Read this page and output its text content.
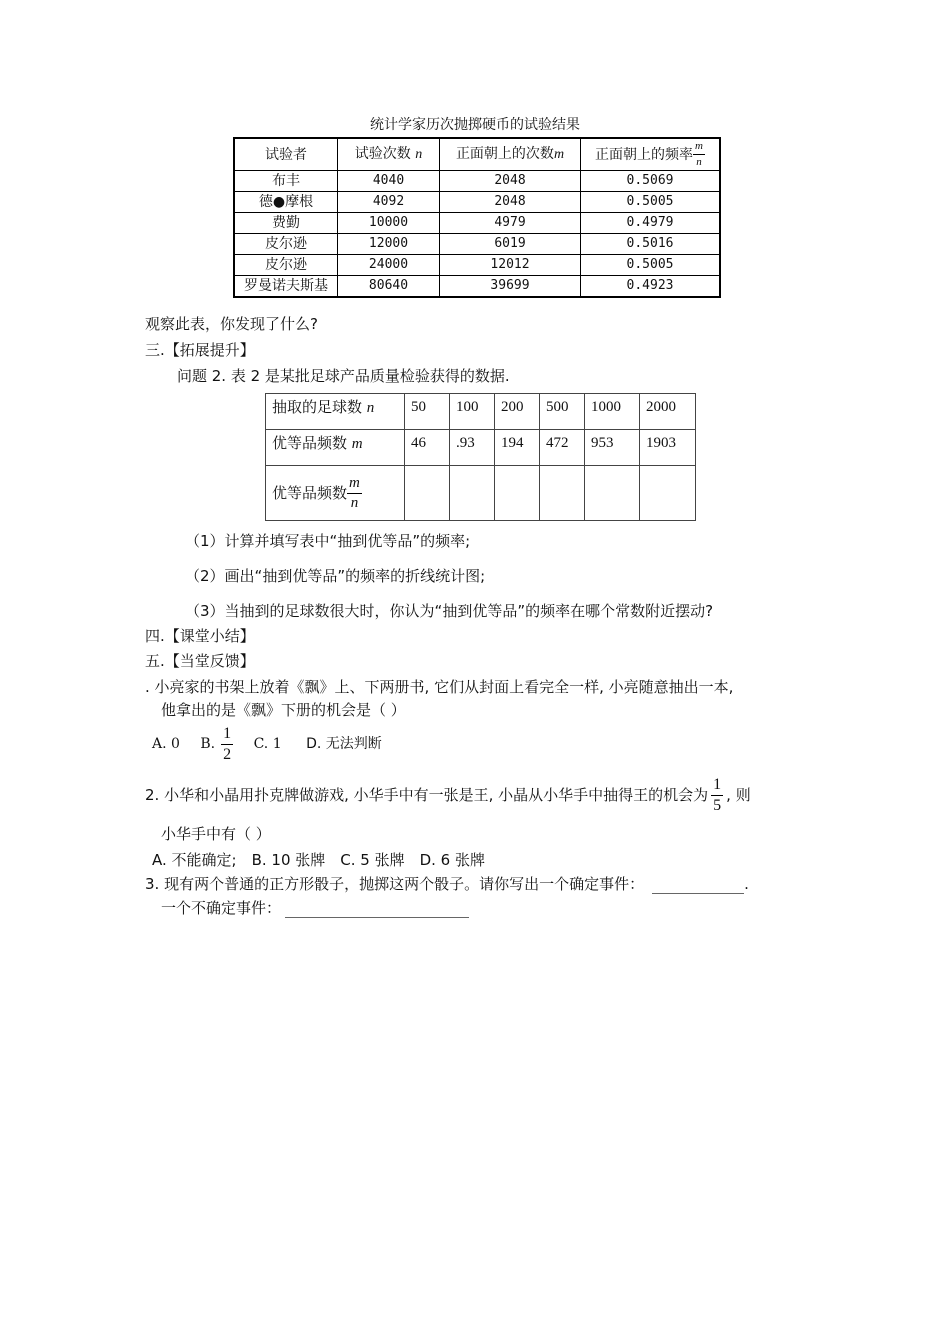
统计学家历次抛掷硬币的试验结果
试验者	试验次数 n	正面朝上的次数m	正面朝上的频率 $\frac{m}{n}$

布丰	4040	2048	0.5069
德●摩根	4092	2048	0.5005
费勤	10000	4979	0.4979
皮尔逊	12000	6019	0.5016
皮尔逊	24000	12012	0.5005
罗曼诺夫斯基	80640	39699	0.4923
观察此表，你发现了什么?
三.【拓展提升】
问题 2. 表 2 是某批足球产品质量检验获得的数据.
抽取的足球数 n	50	100	200	500	1000	2000
优等品频数 m	46	.93	194	472	953	1903
优等品频数 $\frac{m}{n}$

（1）计算并填写表中“抽到优等品”的频率;
（2）画出“抽到优等品”的频率的折线统计图;
（3）当抽到的足球数很大时，你认为“抽到优等品”的频率在哪个常数附近摆动?
四.【课堂小结】
五.【当堂反馈】
. 小亮家的书架上放着《飘》上、下两册书, 它们从封面上看完全一样, 小亮随意抽出一本,
他拿出的是《飘》下册的机会是（ ）
A. 0 B. $\frac{1}{2} C$. 1 D. 无法判断
2. 小华和小晶用扑克牌做游戏, 小华手中有一张是王, 小晶从小华手中抽得王的机会为 $\frac{1}{5}$ , 则
小华手中有（ ）
A. 不能确定;　B. 10 张牌　C. 5 张牌　D. 6 张牌
3. 现有两个普通的正方形骰子，抛掷这两个骰子。请你写出一个确定事件：	.
一个不确定事件：
